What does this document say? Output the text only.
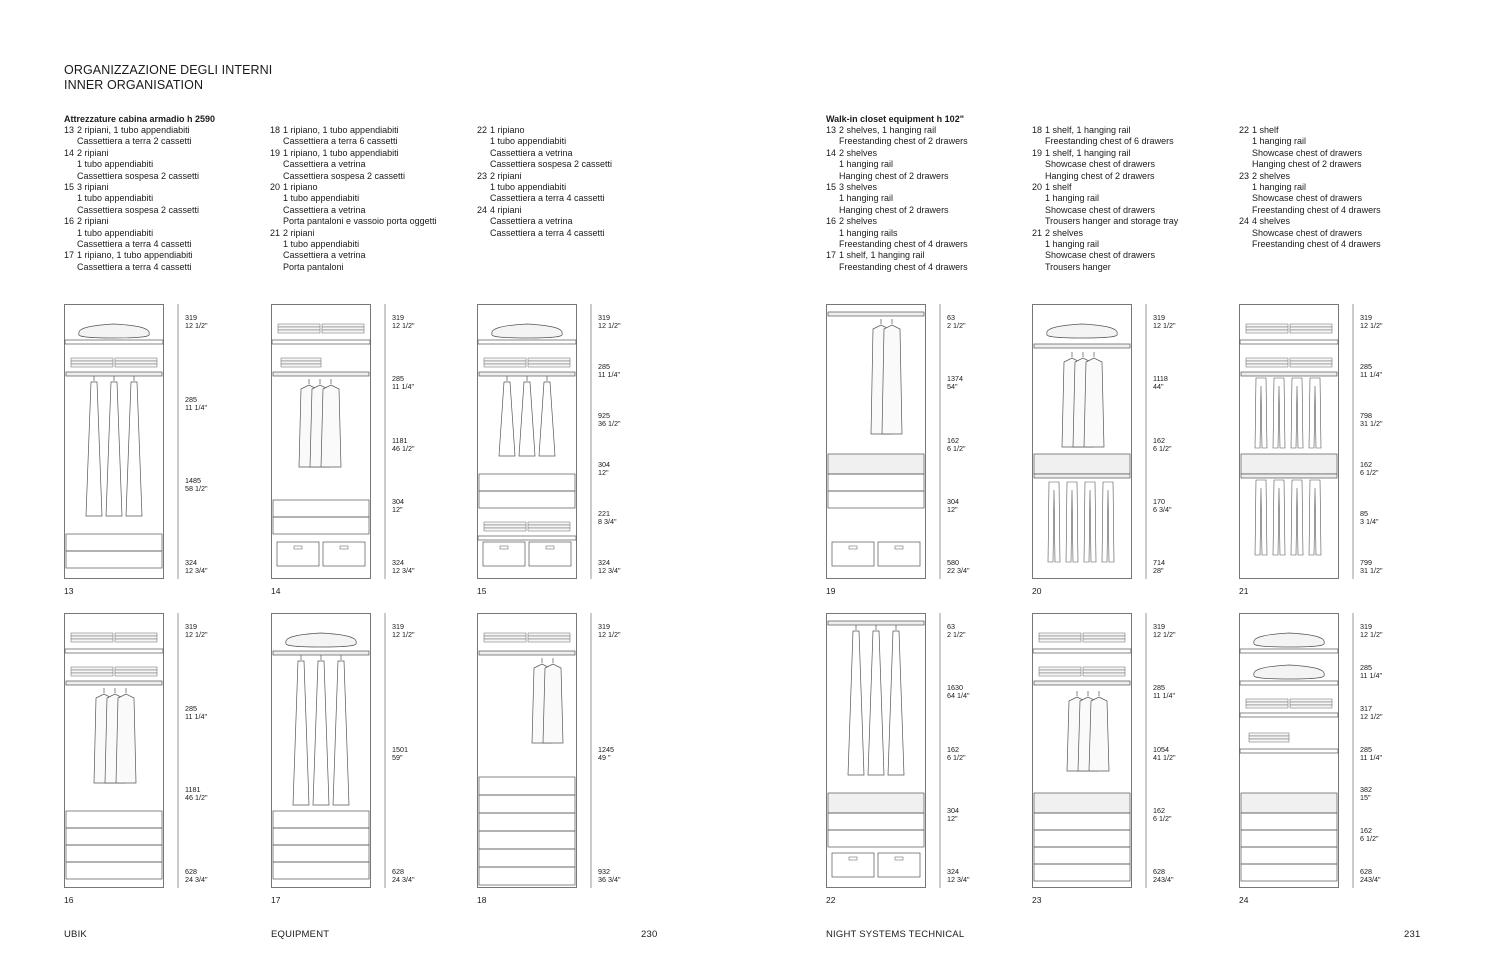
ORGANIZZAZIONE DEGLI INTERNI
INNER ORGANISATION
Attrezzature cabina armadio h 2590
13 2 ripiani, 1 tubo appendiabiti
Cassettiera a terra 2 cassetti
14 2 ripiani
1 tubo appendiabiti
Cassettiera sospesa 2 cassetti
15 3 ripiani
1 tubo appendiabiti
Cassettiera sospesa 2 cassetti
16 2 ripiani
1 tubo appendiabiti
Cassettiera a terra 4 cassetti
17 1 ripiano, 1 tubo appendiabiti
Cassettiera a terra 4 cassetti
18 1 ripiano, 1 tubo appendiabiti
Cassettiera a terra 6 cassetti
19 1 ripiano, 1 tubo appendiabiti
Cassettiera a vetrina
Cassettiera sospesa 2 cassetti
20 1 ripiano
1 tubo appendiabiti
Cassettiera a vetrina
Porta pantaloni e vassoio porta oggetti
21 2 ripiani
1 tubo appendiabiti
Cassettiera a vetrina
Porta pantaloni
22 1 ripiano
1 tubo appendiabiti
Cassettiera a vetrina
Cassettiera sospesa 2 cassetti
23 2 ripiani
1 tubo appendiabiti
Cassettiera a terra 4 cassetti
24 4 ripiani
Cassettiera a vetrina
Cassettiera a terra 4 cassetti
Walk-in closet equipment h 102"
13 2 shelves, 1 hanging rail
Freestanding chest of 2 drawers
14 2 shelves
1 hanging rail
Hanging chest of 2 drawers
15 3 shelves
1 hanging rail
Hanging chest of 2 drawers
16 2 shelves
1 hanging rails
Freestanding chest of 4 drawers
17 1 shelf, 1 hanging rail
Freestanding chest of 4 drawers
18 1 shelf, 1 hanging rail
Freestanding chest of 6 drawers
19 1 shelf, 1 hanging rail
Showcase chest of drawers
Hanging chest of 2 drawers
20 1 shelf
1 hanging rail
Showcase chest of drawers
Trousers hanger and storage tray
21 2 shelves
1 hanging rail
Showcase chest of drawers
Trousers hanger
22 1 shelf
1 hanging rail
Showcase chest of drawers
Hanging chest of 2 drawers
23 2 shelves
1 hanging rail
Showcase chest of drawers
Freestanding chest of 4 drawers
24 4 shelves
Showcase chest of drawers
Freestanding chest of 4 drawers
319
12 1/2"
285
11 1/4"
1485
58 1/2"
324
12 3/4"
13
319
12 1/2"
285
11 1/4"
1181
46 1/2"
304
12"
324
12 3/4"
14
319
12 1/2"
285
11 1/4"
925
36 1/2"
304
12"
221
8 3/4"
324
12 3/4"
15
319
12 1/2"
285
11 1/4"
1181
46 1/2"
628
24 3/4"
16
319
12 1/2"
1501
59"
628
24 3/4"
17
319
12 1/2"
1245
49 "
932
36 3/4"
18
63
2 1/2"
1374
54"
162
6 1/2"
304
12"
580
22 3/4"
19
319
12 1/2"
1118
44"
162
6 1/2"
170
6 3/4"
714
28"
20
319
12 1/2"
285
11 1/4"
798
31 1/2"
162
6 1/2"
85
3 1/4"
799
31 1/2"
21
63
2 1/2"
1630
64 1/4"
162
6 1/2"
304
12"
324
12 3/4"
22
319
12 1/2"
285
11 1/4"
1054
41 1/2"
162
6 1/2"
628
243/4"
23
319
12 1/2"
285
11 1/4"
317
12 1/2"
285
11 1/4"
382
15"
162
6 1/2"
628
243/4"
24
UBIK	EQUIPMENT	230	NIGHT SYSTEMS TECHNICAL	231
